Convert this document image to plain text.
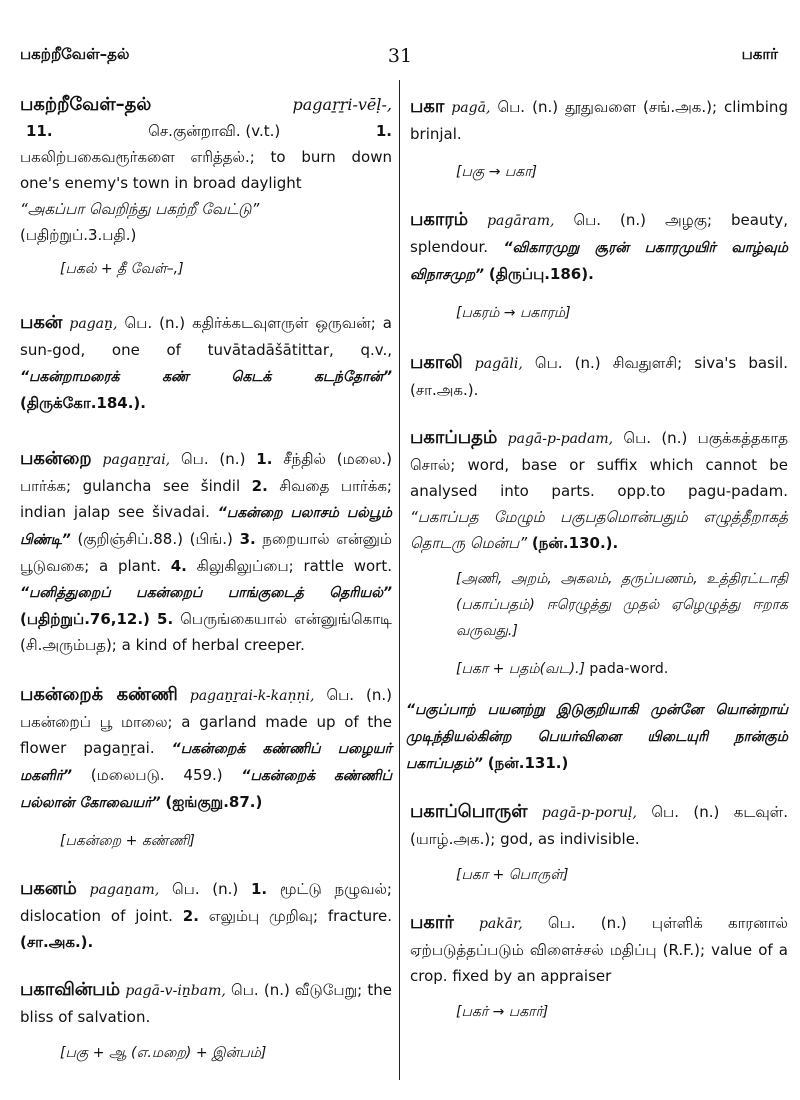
பகற்றீவேள்–தல்	31	பகார்
பகற்றீவேள்–தல்	pagaṟṟi-vēḷ-,
11.	செ.குன்றாவி. (v.t.)	1.
பகலிற்பகைவரூர்களை எரித்தல்.; to burn down one's enemy's town in broad daylight
“அகப்பா வெறிந்து பகற்றீ வேட்டு”
(பதிற்றுப்.3.பதி.)
[பகல் + தீ வேள்–,]
பகன் pagaṉ, பெ. (n.) கதிர்க்கடவுளருள் ஒருவன்; a sun-god, one of tuvātadāšātittar, q.v., “பகன்றாமரைக் கண் கெடக் கடந்தோன்” (திருக்கோ.184.).
பகன்றை pagaṉṟai, பெ. (n.) 1. சீந்தில் (மலை.) பார்க்க; gulancha see šindil 2. சிவதை பார்க்க; indian jalap see šivadai. “பகன்றை பலாசம் பல்பூம் பிண்டி” (குறிஞ்சிப்.88.) (பிங்.) 3. நறையால் என்னும் பூடுவகை; a plant. 4. கிலுகிலுப்பை; rattle wort. “பனித்துறைப் பகன்றைப் பாங்குடைத் தெரியல்” (பதிற்றுப்.76,12.) 5. பெருங்கையால் என்னுங்கொடி (சி.அரும்பத); a kind of herbal creeper.
பகன்றைக் கண்ணி pagaṉṟai-k-kaṇṇi, பெ. (n.) பகன்றைப் பூ மாலை; a garland made up of the flower pagaṉṟai. “பகன்றைக் கண்ணிப் பழையர் மகளிர்” (மலைபடு. 459.) “பகன்றைக் கண்ணிப் பல்லான் கோவையர்” (ஐங்குறு.87.)
[பகன்றை + கண்ணி]
பகனம் pagaṉam, பெ. (n.) 1. மூட்டு நழுவல்; dislocation of joint. 2. எலும்பு முறிவு; fracture. (சா.அக.).
பகாவின்பம் pagā-v-iṉbam, பெ. (n.) வீடுபேறு; the bliss of salvation.
[பகு + ஆ (எ.மறை) + இன்பம்]
பகா pagā, பெ. (n.) தூதுவளை (சங்.அக.); climbing brinjal.
[பகு → பகா]
பகாரம் pagāram, பெ. (n.) அழகு; beauty, splendour. “விகாரமுறு சூரன் பகாரமுயிர் வாழ்வும் விநாசமுற” (திருப்பு.186).
[பகரம் → பகாரம்]
பகாலி pagāli, பெ. (n.) சிவதுளசி; siva's basil. (சா.அக.).
பகாப்பதம் pagā-p-padam, பெ. (n.) பகுக்கத்தகாத சொல்; word, base or suffix which cannot be analysed into parts. opp.to pagu-padam. “பகாப்பத மேழும் பகுபதமொன்பதும் எழுத்தீறாகத் தொடரு மென்ப” (நன்.130.).
[அணி, அறம், அகலம், தருப்பணம், உத்திரட்டாதி (பகாப்பதம்) ஈரெழுத்து முதல் ஏழெழுத்து ஈறாக வருவது.]
[பகா + பதம்(வட).] pada-word.
“பகுப்பாற் பயனற்று இடுகுறியாகி முன்னே யொன்றாய் முடிந்தியல்கின்ற பெயர்வினை யிடையுரி நான்கும் பகாப்பதம்” (நன்.131.)
பகாப்பொருள் pagā-p-poruḷ, பெ. (n.) கடவுள். (யாழ்.அக.); god, as indivisible.
[பகா + பொருள்]
பகார் pakār, பெ. (n.) புள்ளிக் காரனால் ஏற்படுத்தப்படும் விளைச்சல் மதிப்பு (R.F.); value of a crop. fixed by an appraiser
[பகர் → பகார்]
